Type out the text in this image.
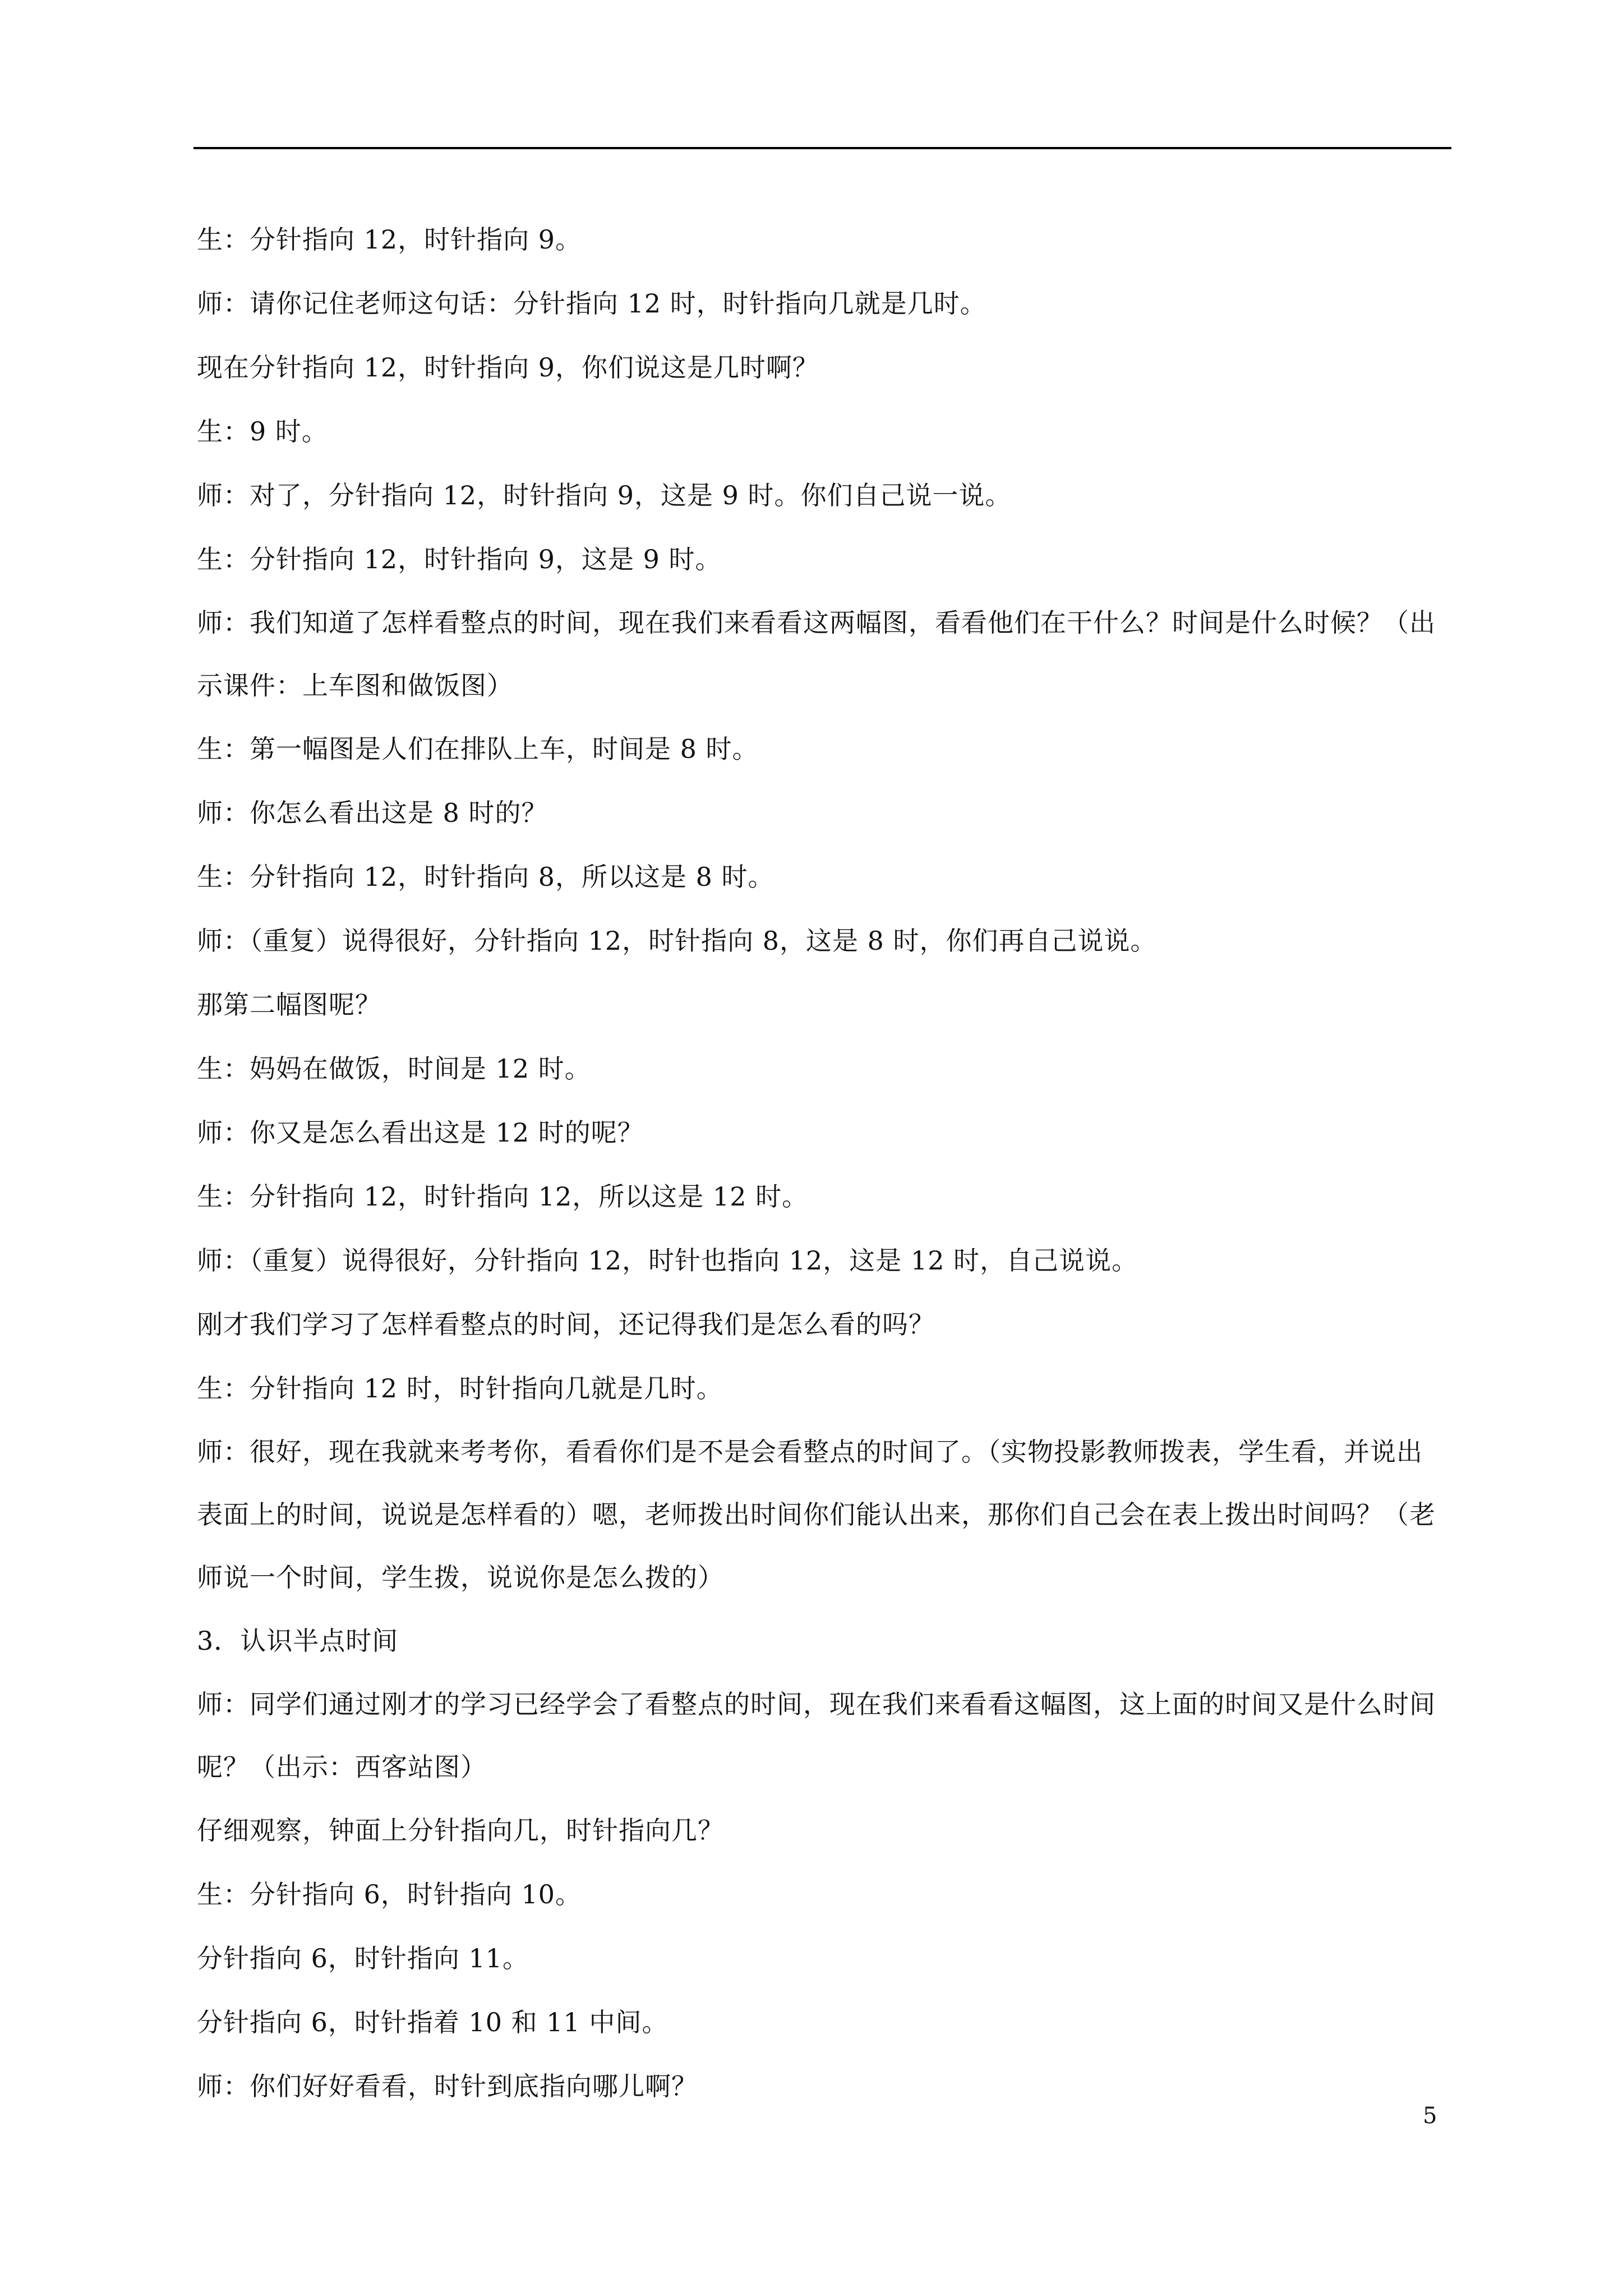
生：分针指向 12，时针指向 9。

师：请你记住老师这句话：分针指向 12 时，时针指向几就是几时。

现在分针指向 12，时针指向 9，你们说这是几时啊？

生：9 时。

师：对了，分针指向 12，时针指向 9，这是 9 时。你们自己说一说。

生：分针指向 12，时针指向 9，这是 9 时。

师：我们知道了怎样看整点的时间，现在我们来看看这两幅图，看看他们在干什么？时间是什么时候？（出示课件：上车图和做饭图）

生：第一幅图是人们在排队上车，时间是 8 时。

师：你怎么看出这是 8 时的？

生：分针指向 12，时针指向 8，所以这是 8 时。

师：（重复）说得很好，分针指向 12，时针指向 8，这是 8 时，你们再自己说说。

那第二幅图呢？

生：妈妈在做饭，时间是 12 时。

师：你又是怎么看出这是 12 时的呢？

生：分针指向 12，时针指向 12，所以这是 12 时。

师：（重复）说得很好，分针指向 12，时针也指向 12，这是 12 时，自己说说。

刚才我们学习了怎样看整点的时间，还记得我们是怎么看的吗？

生：分针指向 12 时，时针指向几就是几时。

师：很好，现在我就来考考你，看看你们是不是会看整点的时间了。（实物投影教师拨表，学生看，并说出表面上的时间，说说是怎样看的）嗯，老师拨出时间你们能认出来，那你们自己会在表上拨出时间吗？（老师说一个时间，学生拨，说说你是怎么拨的）

3．认识半点时间

师：同学们通过刚才的学习已经学会了看整点的时间，现在我们来看看这幅图，这上面的时间又是什么时间呢？（出示：西客站图）

仔细观察，钟面上分针指向几，时针指向几？

生：分针指向 6，时针指向 10。

分针指向 6，时针指向 11。

分针指向 6，时针指着 10 和 11 中间。

师：你们好好看看，时针到底指向哪儿啊？

5
